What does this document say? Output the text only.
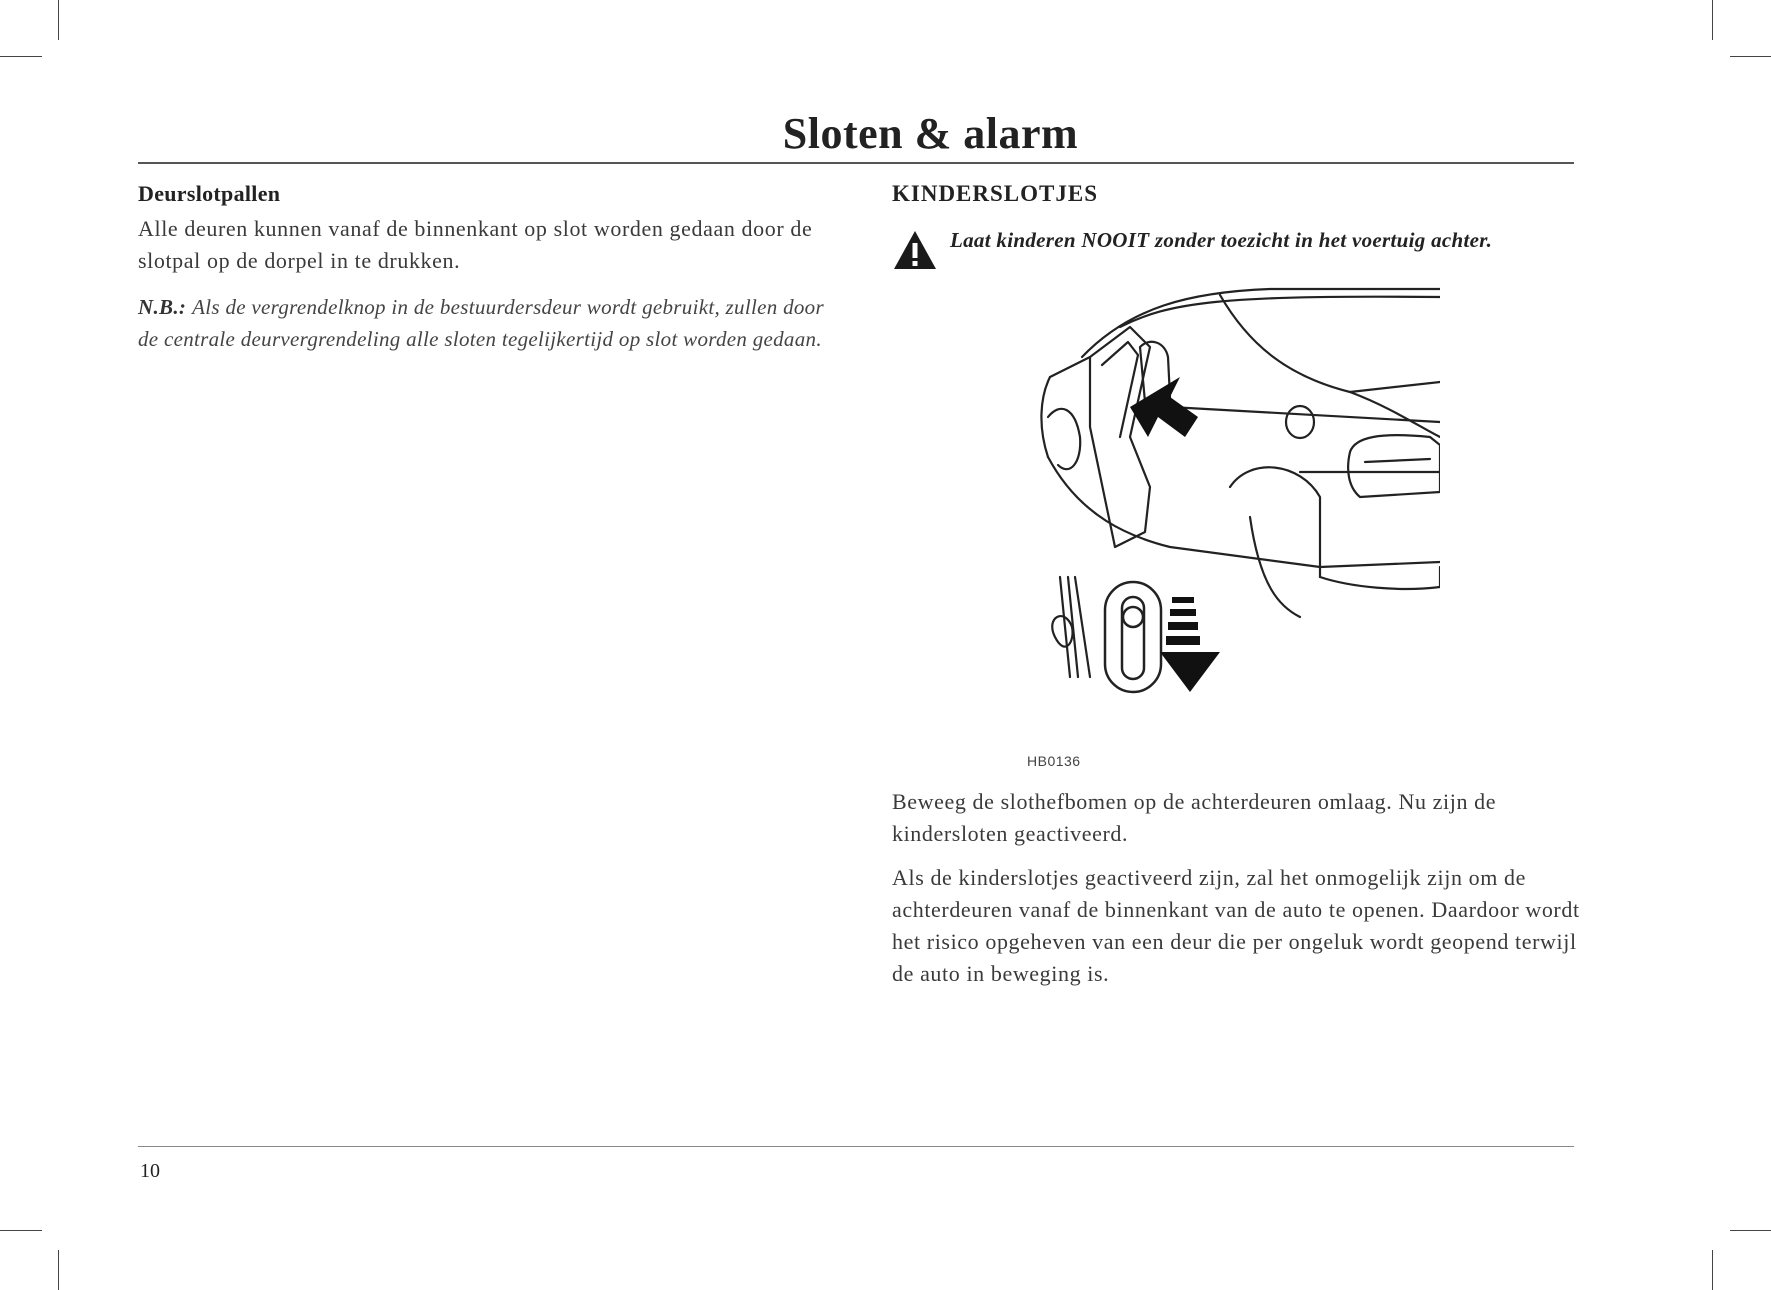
Sloten & alarm
Deurslotpallen

Alle deuren kunnen vanaf de binnenkant op slot worden gedaan door de slotpal op de dorpel in te drukken.

N.B.: Als de vergrendelknop in de bestuurdersdeur wordt gebruikt, zullen door de centrale deurvergrendeling alle sloten tegelijkertijd op slot worden gedaan.
KINDERSLOTJES
Laat kinderen NOOIT zonder toezicht in het voertuig achter.
HB0136

Beweeg de slothefbomen op de achterdeuren omlaag. Nu zijn de kindersloten geactiveerd.

Als de kinderslotjes geactiveerd zijn, zal het onmogelijk zijn om de achterdeuren vanaf de binnenkant van de auto te openen. Daardoor wordt het risico opgeheven van een deur die per ongeluk wordt geopend terwijl de auto in beweging is.

10
